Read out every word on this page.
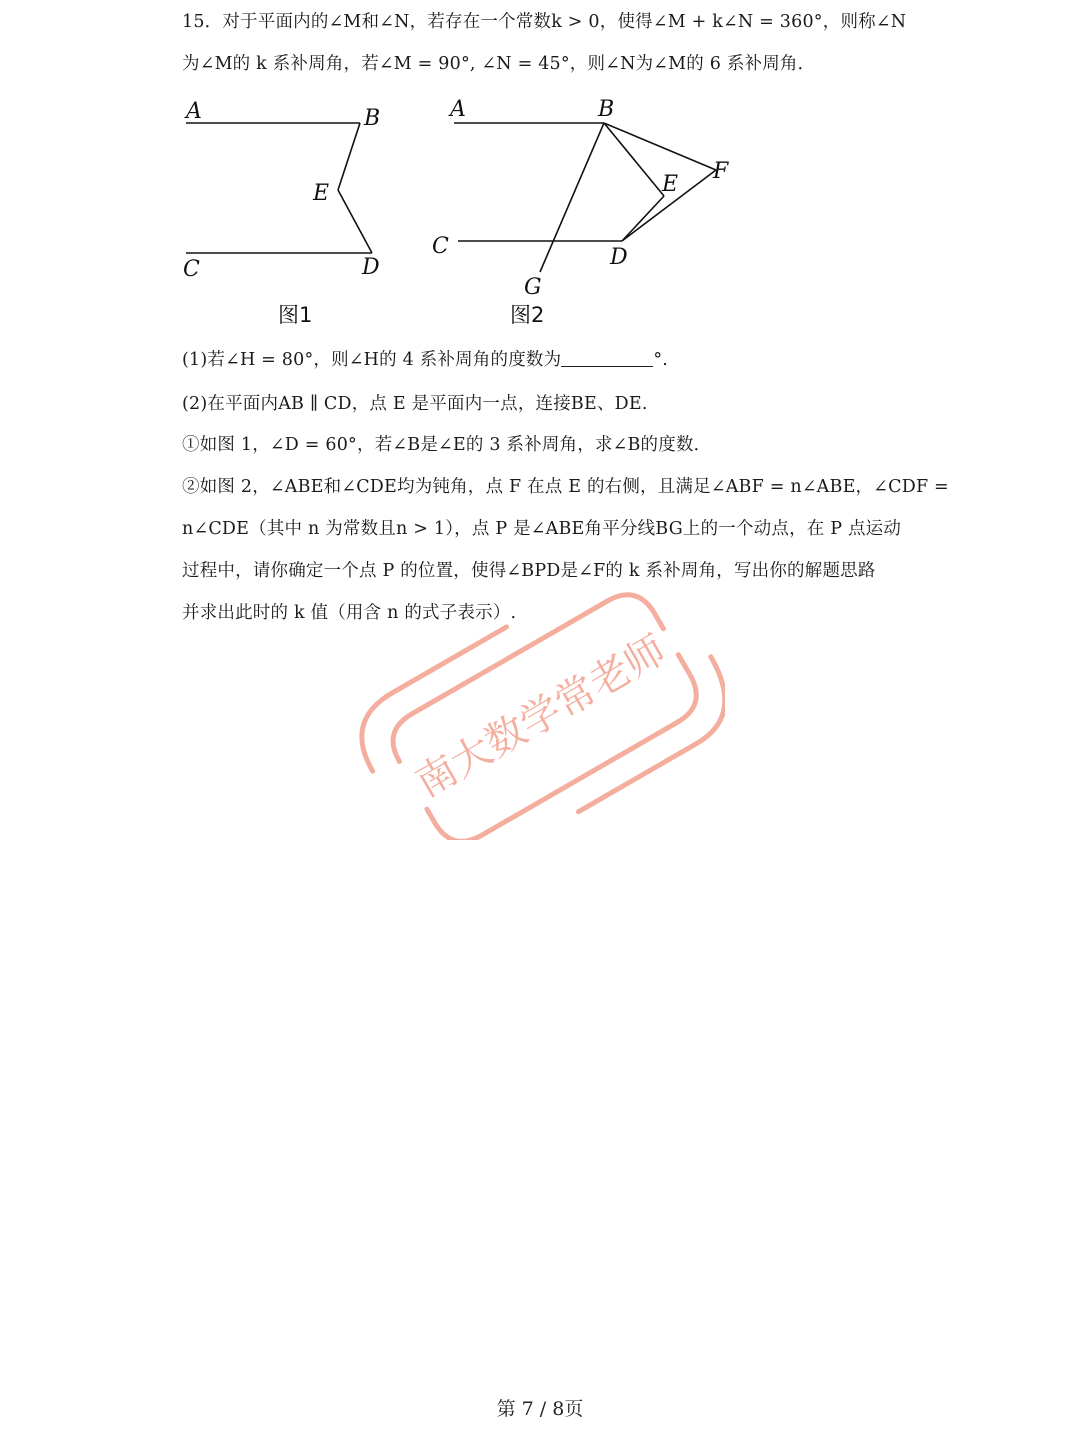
15．对于平面内的∠M和∠N，若存在一个常数k > 0，使得∠M + k∠N = 360°，则称∠N
为∠M的 k 系补周角，若∠M = 90°, ∠N = 45°，则∠N为∠M的 6 系补周角．
A	B
E
C	D
图1
A	B
E
F
C	D
G
图2
(1)若∠H = 80°，则∠H的 4 系补周角的度数为	°.
(2)在平面内AB ∥ CD，点 E 是平面内一点，连接BE、DE.
①如图 1，∠D = 60°，若∠B是∠E的 3 系补周角，求∠B的度数．
②如图 2，∠ABE和∠CDE均为钝角，点 F 在点 E 的右侧，且满足∠ABF = n∠ABE，∠CDF =
n∠CDE（其中 n 为常数且n > 1），点 P 是∠ABE角平分线BG上的一个动点，在 P 点运动
过程中，请你确定一个点 P 的位置，使得∠BPD是∠F的 k 系补周角，写出你的解题思路
并求出此时的 k 值（用含 n 的式子表示）.
南大数学常老师
第 7 / 8页
